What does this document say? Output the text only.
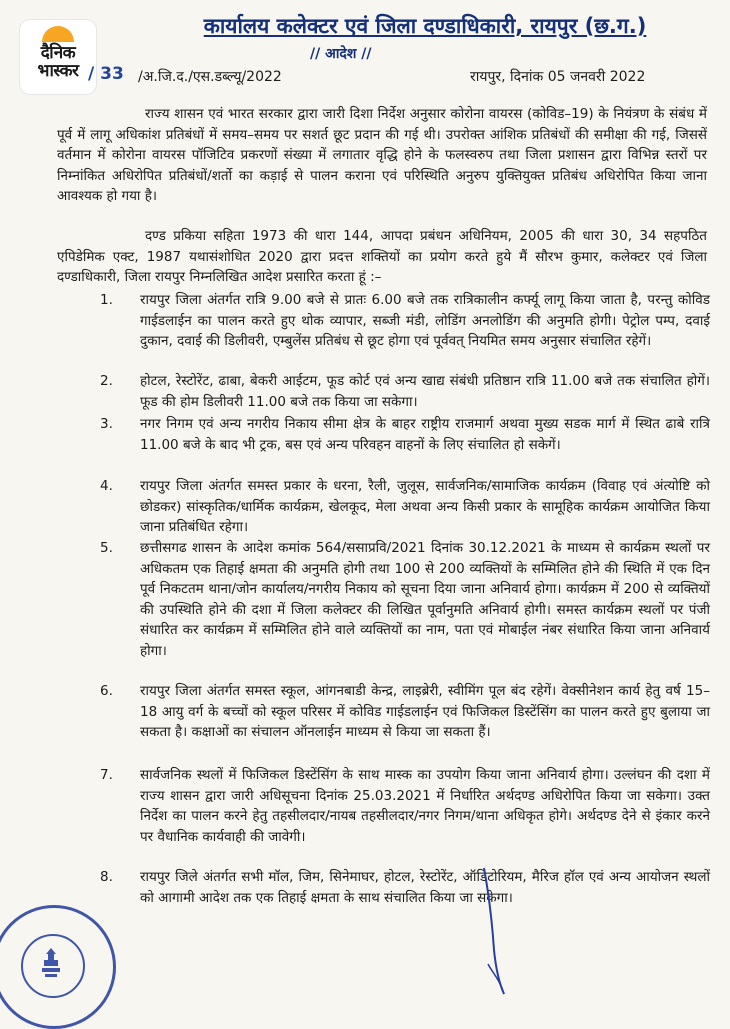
दैनिक
भास्कर
कार्यालय कलेक्टर एवं जिला दण्डाधिकारी, रायपुर (छ.ग.)
// आदेश //
/ 33 /अ.जि.द./एस.डब्ल्यू/2022	रायपुर, दिनांक 05 जनवरी 2022

राज्य शासन एवं भारत सरकार द्वारा जारी दिशा निर्देश अनुसार कोरोना वायरस (कोविड–19) के नियंत्रण के संबंध में पूर्व में लागू अधिकांश प्रतिबंधों में समय–समय पर सशर्त छूट प्रदान की गई थी। उपरोक्त आंशिक प्रतिबंधों की समीक्षा की गई, जिससें वर्तमान में कोरोना वायरस पॉजिटिव प्रकरणों संख्या में लगातार वृद्धि होने के फलस्वरुप तथा जिला प्रशासन द्वारा विभिन्न स्तरों पर निम्नांकित अधिरोपित प्रतिबंधों/शर्तो का कड़ाई से पालन कराना एवं परिस्थिति अनुरुप युक्तियुक्त प्रतिबंध अधिरोपित किया जाना आवश्यक हो गया है।

दण्ड प्रकिया सहिता 1973 की धारा 144, आपदा प्रबंधन अधिनियम, 2005 की धारा 30, 34 सहपठित एपिडेमिक एक्ट, 1987 यथासंशोधित 2020 द्वारा प्रदत्त शक्तियों का प्रयोग करते हुये मैं सौरभ कुमार, कलेक्टर एवं जिला दण्डाधिकारी, जिला रायपुर निम्नलिखित आदेश प्रसारित करता हूं :–

1.	रायपुर जिला अंतर्गत रात्रि 9.00 बजे से प्रातः 6.00 बजे तक रात्रिकालीन कर्फ्यू लागू किया जाता है, परन्तु कोविड गाईडलाईन का पालन करते हुए थोक व्यापार, सब्जी मंडी, लोडिंग अनलोडिंग की अनुमति होगी। पेट्रोल पम्प, दवाई दुकान, दवाई की डिलीवरी, एम्बुलेंस प्रतिबंध से छूट होगा एवं पूर्ववत् नियमित समय अनुसार संचालित रहेगें।

2.	होटल, रेस्टोरेंट, ढाबा, बेकरी आईटम, फूड कोर्ट एवं अन्य खाद्य संबंधी प्रतिष्ठान रात्रि 11.00 बजे तक संचालित होगें। फूड की होम डिलीवरी 11.00 बजे तक किया जा सकेगा।

3.	नगर निगम एवं अन्य नगरीय निकाय सीमा क्षेत्र के बाहर राष्ट्रीय राजमार्ग अथवा मुख्य सडक मार्ग में स्थित ढाबे रात्रि 11.00 बजे के बाद भी ट्रक, बस एवं अन्य परिवहन वाहनों के लिए संचालित हो सकेगें।

4.	रायपुर जिला अंतर्गत समस्त प्रकार के धरना, रैली, जुलूस, सार्वजनिक/सामाजिक कार्यक्रम (विवाह एवं अंत्योष्टि को छोडकर) सांस्कृतिक/धार्मिक कार्यक्रम, खेलकूद, मेला अथवा अन्य किसी प्रकार के सामूहिक कार्यक्रम आयोजित किया जाना प्रतिबंधित रहेगा।

5.	छत्तीसगढ शासन के आदेश कमांक 564/ससाप्रवि/2021 दिनांक 30.12.2021 के माध्यम से कार्यक्रम स्थलों पर अधिकतम एक तिहाई क्षमता की अनुमति होगी तथा 100 से 200 व्यक्तियों के सम्मिलित होने की स्थिति में एक दिन पूर्व निकटतम थाना/जोन कार्यालय/नगरीय निकाय को सूचना दिया जाना अनिवार्य होगा। कार्यक्रम में 200 से व्यक्तियों की उपस्थिति होने की दशा में जिला कलेक्टर की लिखित पूर्वानुमति अनिवार्य होगी। समस्त कार्यक्रम स्थलों पर पंजी संधारित कर कार्यक्रम में सम्मिलित होने वाले व्यक्तियों का नाम, पता एवं मोबाईल नंबर संधारित किया जाना अनिवार्य होगा।

6.	रायपुर जिला अंतर्गत समस्त स्कूल, आंगनबाडी केन्द्र, लाइब्रेरी, स्वीमिंग पूल बंद रहेगें। वेक्सीनेशन कार्य हेतु वर्ष 15–18 आयु वर्ग के बच्चों को स्कूल परिसर में कोविड गाईडलाईन एवं फिजिकल डिस्टेंसिंग का पालन करते हुए बुलाया जा सकता है। कक्षाओं का संचालन ऑनलाईन माध्यम से किया जा सकता हैं।

7.	सार्वजनिक स्थलों में फिजिकल डिस्टेंसिंग के साथ मास्क का उपयोग किया जाना अनिवार्य होगा। उल्लंघन की दशा में राज्य शासन द्वारा जारी अधिसूचना दिनांक 25.03.2021 में निर्धारित अर्थदण्ड अधिरोपित किया जा सकेगा। उक्त निर्देश का पालन करने हेतु तहसीलदार/नायब तहसीलदार/नगर निगम/थाना अधिकृत होगे। अर्थदण्ड देने से इंकार करने पर वैधानिक कार्यवाही की जावेगी।

8.	रायपुर जिले अंतर्गत सभी मॉल, जिम, सिनेमाघर, होटल, रेस्टोरेंट, ऑडिटोरियम, मैरिज हॉल एवं अन्य आयोजन स्थलों को आगामी आदेश तक एक तिहाई क्षमता के साथ संचालित किया जा सकेगा।
